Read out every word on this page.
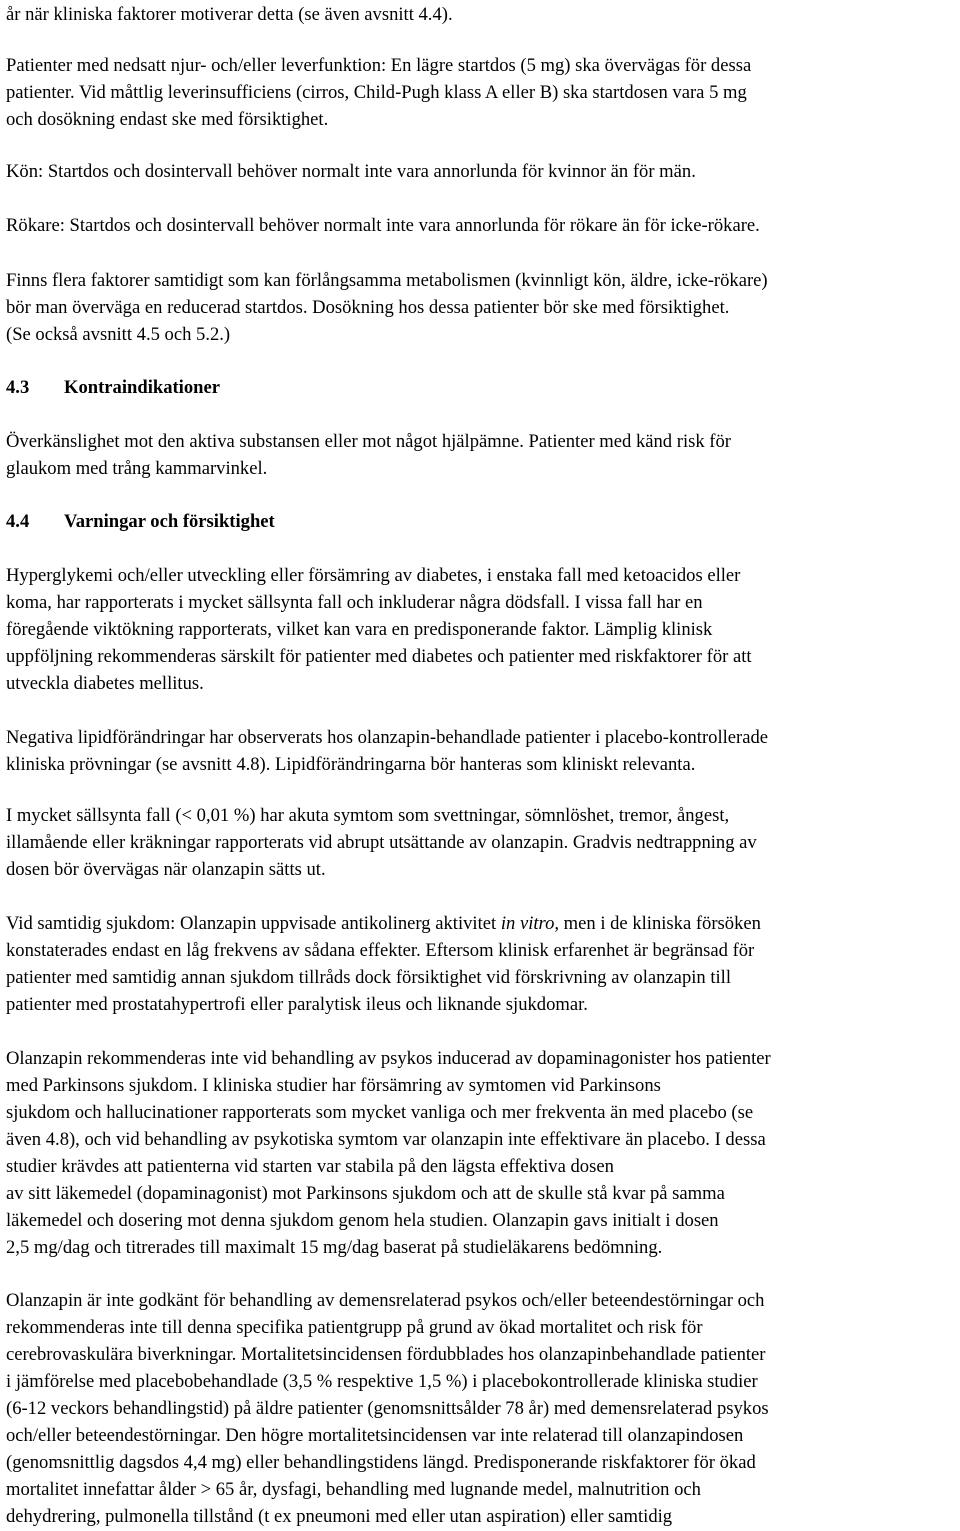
år när kliniska faktorer motiverar detta (se även avsnitt 4.4).
Patienter med nedsatt njur- och/eller leverfunktion: En lägre startdos (5 mg) ska övervägas för dessa
patienter. Vid måttlig leverinsufficiens (cirros, Child-Pugh klass A eller B) ska startdosen vara 5 mg
och dosökning endast ske med försiktighet.
Kön: Startdos och dosintervall behöver normalt inte vara annorlunda för kvinnor än för män.
Rökare: Startdos och dosintervall behöver normalt inte vara annorlunda för rökare än för icke-rökare.
Finns flera faktorer samtidigt som kan förlångsamma metabolismen (kvinnligt kön, äldre, icke-rökare)
bör man överväga en reducerad startdos. Dosökning hos dessa patienter bör ske med försiktighet.
(Se också avsnitt 4.5 och 5.2.)
4.3 Kontraindikationer
Överkänslighet mot den aktiva substansen eller mot något hjälpämne. Patienter med känd risk för
glaukom med trång kammarvinkel.
4.4 Varningar och försiktighet
Hyperglykemi och/eller utveckling eller försämring av diabetes, i enstaka fall med ketoacidos eller
koma, har rapporterats i mycket sällsynta fall och inkluderar några dödsfall. I vissa fall har en
föregående viktökning rapporterats, vilket kan vara en predisponerande faktor. Lämplig klinisk
uppföljning rekommenderas särskilt för patienter med diabetes och patienter med riskfaktorer för att
utveckla diabetes mellitus.
Negativa lipidförändringar har observerats hos olanzapin-behandlade patienter i placebo-kontrollerade
kliniska prövningar (se avsnitt 4.8). Lipidförändringarna bör hanteras som kliniskt relevanta.
I mycket sällsynta fall (< 0,01 %) har akuta symtom som svettningar, sömnlöshet, tremor, ångest,
illamående eller kräkningar rapporterats vid abrupt utsättande av olanzapin. Gradvis nedtrappning av
dosen bör övervägas när olanzapin sätts ut.
Vid samtidig sjukdom: Olanzapin uppvisade antikolinerg aktivitet in vitro, men i de kliniska försöken
konstaterades endast en låg frekvens av sådana effekter. Eftersom klinisk erfarenhet är begränsad för
patienter med samtidig annan sjukdom tillråds dock försiktighet vid förskrivning av olanzapin till
patienter med prostatahypertrofi eller paralytisk ileus och liknande sjukdomar.
Olanzapin rekommenderas inte vid behandling av psykos inducerad av dopaminagonister hos patienter
med Parkinsons sjukdom. I kliniska studier har försämring av symtomen vid Parkinsons
sjukdom och hallucinationer rapporterats som mycket vanliga och mer frekventa än med placebo (se
även 4.8), och vid behandling av psykotiska symtom var olanzapin inte effektivare än placebo. I dessa
studier krävdes att patienterna vid starten var stabila på den lägsta effektiva dosen
av sitt läkemedel (dopaminagonist) mot Parkinsons sjukdom och att de skulle stå kvar på samma
läkemedel och dosering mot denna sjukdom genom hela studien. Olanzapin gavs initialt i dosen
2,5 mg/dag och titrerades till maximalt 15 mg/dag baserat på studieläkarens bedömning.
Olanzapin är inte godkänt för behandling av demensrelaterad psykos och/eller beteendestörningar och
rekommenderas inte till denna specifika patientgrupp på grund av ökad mortalitet och risk för
cerebrovaskulära biverkningar. Mortalitetsincidensen fördubblades hos olanzapinbehandlade patienter
i jämförelse med placebobehandlade (3,5 % respektive 1,5 %) i placebokontrollerade kliniska studier
(6-12 veckors behandlingstid) på äldre patienter (genomsnittsålder 78 år) med demensrelaterad psykos
och/eller beteendestörningar. Den högre mortalitetsincidensen var inte relaterad till olanzapindosen
(genomsnittlig dagsdos 4,4 mg) eller behandlingstidens längd. Predisponerande riskfaktorer för ökad
mortalitet innefattar ålder > 65 år, dysfagi, behandling med lugnande medel, malnutrition och
dehydrering, pulmonella tillstånd (t ex pneumoni med eller utan aspiration) eller samtidig
